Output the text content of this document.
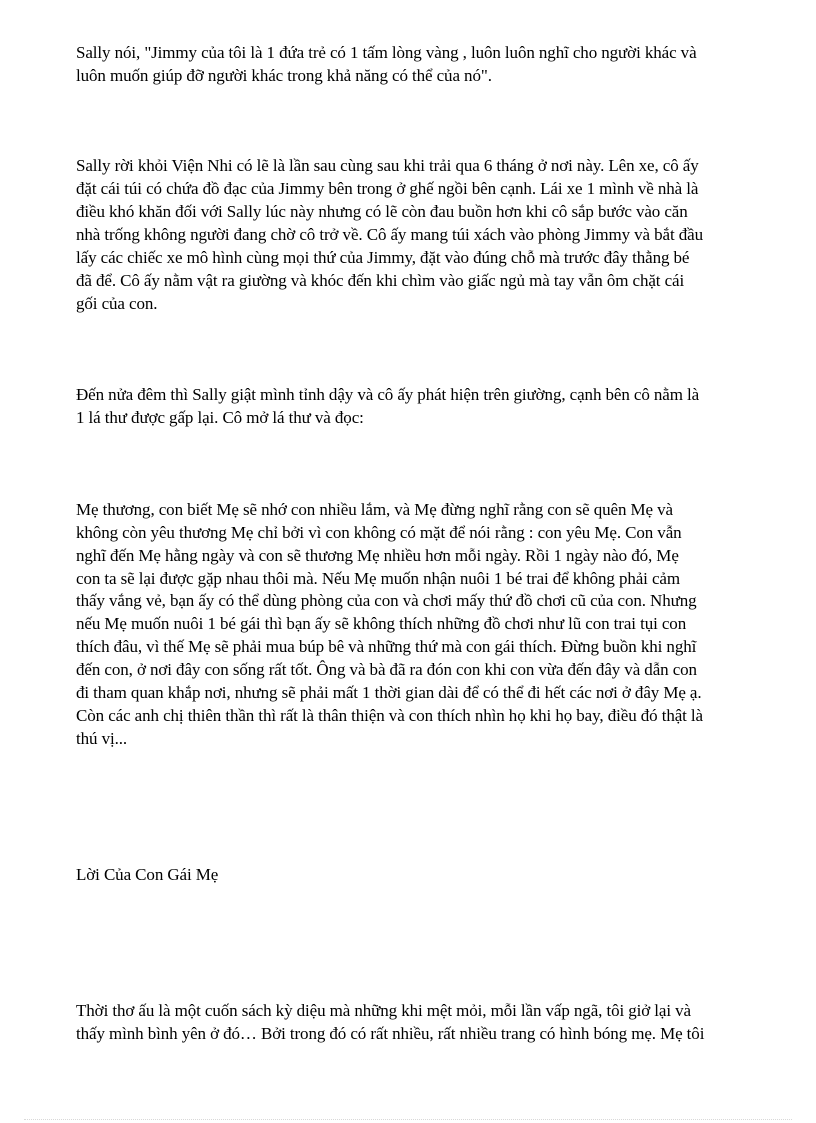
Sally nói, "Jimmy của tôi là 1 đứa trẻ có 1 tấm lòng vàng , luôn luôn nghĩ cho người khác và
luôn muốn giúp đỡ người khác trong khả năng có thể của nó".
Sally rời khỏi Viện Nhi có lẽ là lần sau cùng sau khi trải qua 6 tháng ở nơi này. Lên xe, cô ấy
đặt cái túi có chứa đồ đạc của Jimmy bên trong ở ghế ngồi bên cạnh. Lái xe 1 mình về nhà là
điều khó khăn đối với Sally lúc này nhưng có lẽ còn đau buồn hơn khi cô sắp bước vào căn
nhà trống không người đang chờ cô trở về. Cô ấy mang túi xách vào phòng Jimmy và bắt đầu
lấy các chiếc xe mô hình cùng mọi thứ của Jimmy, đặt vào đúng chỗ mà trước đây thằng bé
đã để. Cô ấy nằm vật ra giường và khóc đến khi chìm vào giấc ngủ mà tay vẫn ôm chặt cái
gối của con.
Đến nửa đêm thì Sally giật mình tỉnh dậy và cô ấy phát hiện trên giường, cạnh bên cô nằm là
1 lá thư được gấp lại. Cô mở lá thư và đọc:
Mẹ thương, con biết Mẹ sẽ nhớ con nhiều lắm, và Mẹ đừng nghĩ rằng con sẽ quên Mẹ và
không còn yêu thương Mẹ chỉ bởi vì con không có mặt để nói rằng : con yêu Mẹ. Con vẫn
nghĩ đến Mẹ hằng ngày và con sẽ thương Mẹ nhiều hơn mỗi ngày. Rồi 1 ngày nào đó, Mẹ
con ta sẽ lại được gặp nhau thôi mà. Nếu Mẹ muốn nhận nuôi 1 bé trai để không phải cảm
thấy vắng vẻ, bạn ấy có thể dùng phòng của con và chơi mấy thứ đồ chơi cũ của con. Nhưng
nếu Mẹ muốn nuôi 1 bé gái thì bạn ấy sẽ không thích những đồ chơi như lũ con trai tụi con
thích đâu, vì thế Mẹ sẽ phải mua búp bê và những thứ mà con gái thích. Đừng buồn khi nghĩ
đến con, ở nơi đây con sống rất tốt. Ông và bà đã ra đón con khi con vừa đến đây và dẫn con
đi tham quan khắp nơi, nhưng sẽ phải mất 1 thời gian dài để có thể đi hết các nơi ở đây Mẹ ạ.
Còn các anh chị thiên thần thì rất là thân thiện và con thích nhìn họ khi họ bay, điều đó thật là
thú vị...
Lời Của Con Gái Mẹ
Thời thơ ấu là một cuốn sách kỳ diệu mà những khi mệt mỏi, mỗi lần vấp ngã, tôi giở lại và
thấy mình bình yên ở đó… Bởi trong đó có rất nhiều, rất nhiều trang có hình bóng mẹ. Mẹ tôi
